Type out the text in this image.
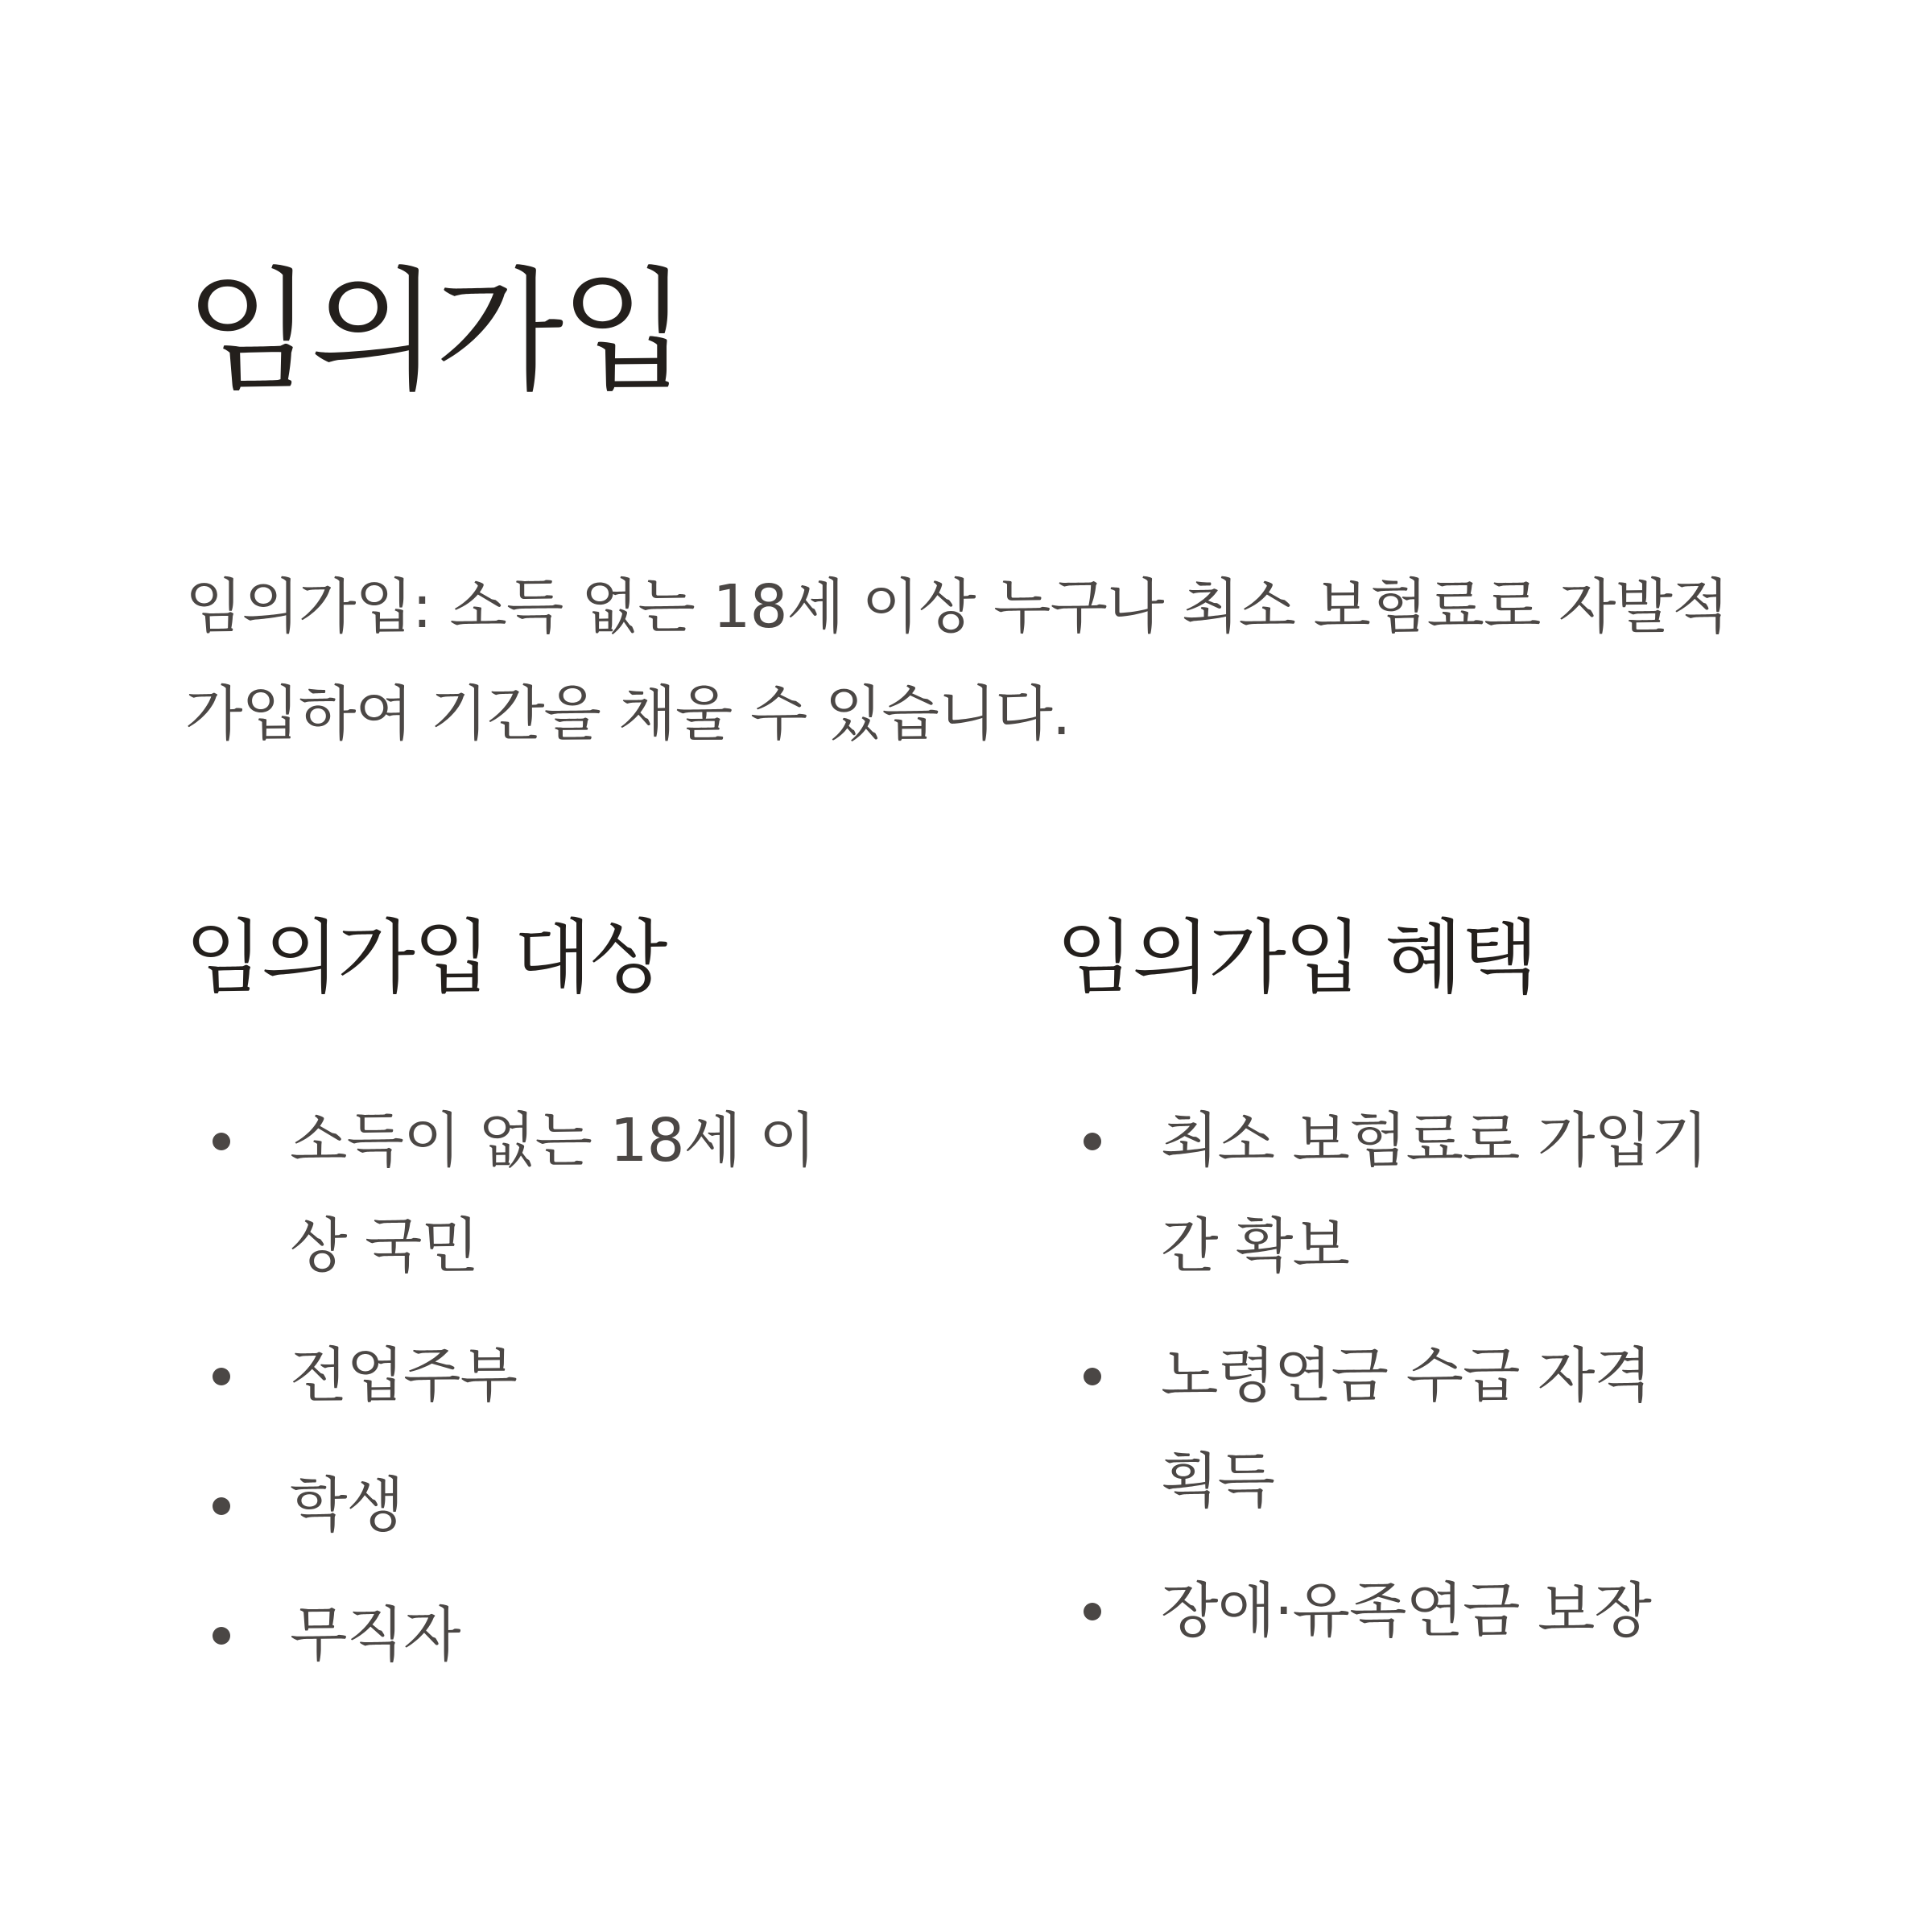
임의가입

임의가입: 소득 없는 18세 이상 누구나 최소 보험료로 자발적 가입하여 기간을 채울 수 있습니다.

임의가입 대상
소득이 없는 18세 이상 국민
전업주부
학생
무직자
임의가입 혜택
최소 보험료로 가입기간 확보
노령연금 수급 자격 획득
장애·유족연금 보장
